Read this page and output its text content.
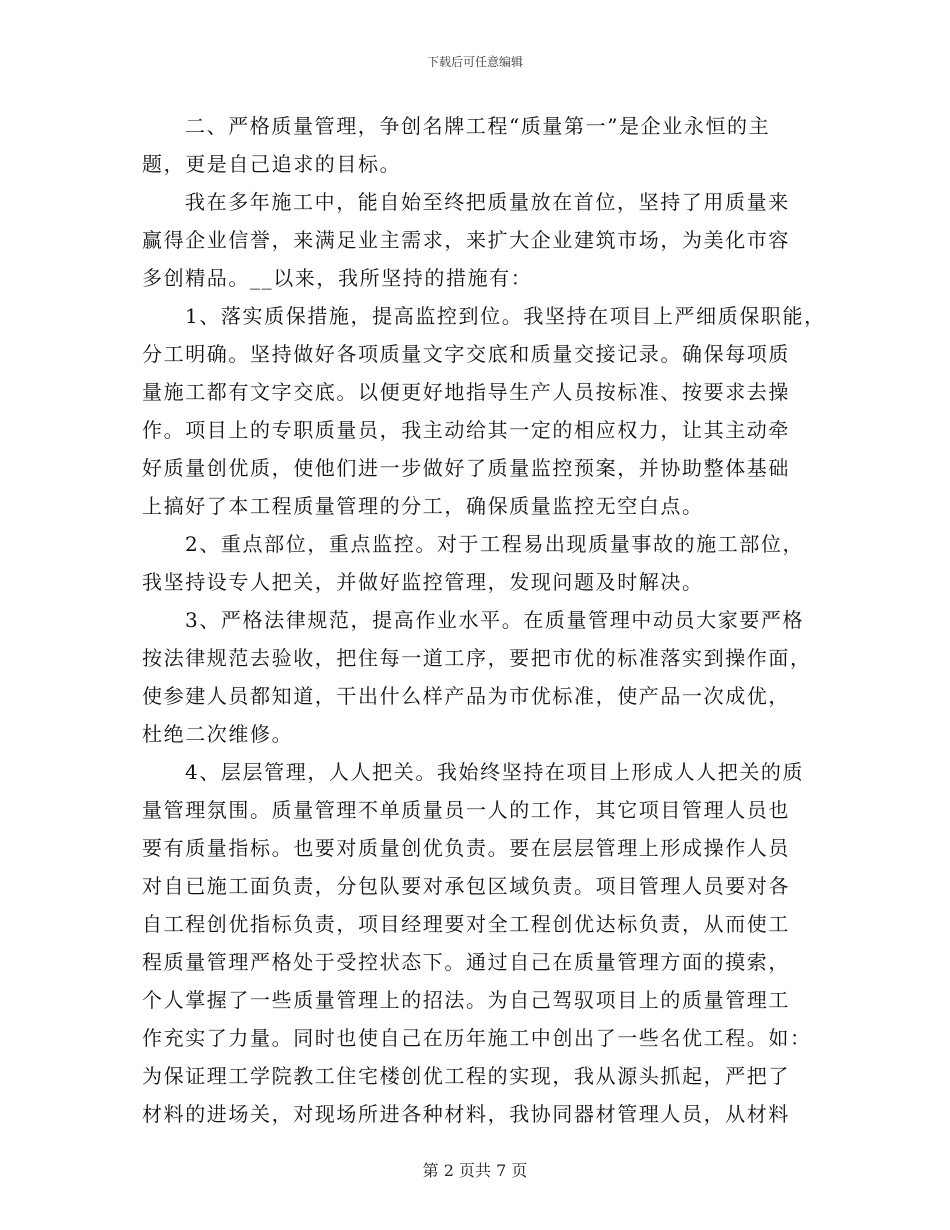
下载后可任意编辑
二、严格质量管理，争创名牌工程“质量第一”是企业永恒的主
题，更是自己追求的目标。
我在多年施工中，能自始至终把质量放在首位，坚持了用质量来
赢得企业信誉，来满足业主需求，来扩大企业建筑市场，为美化市容
多创精品。__以来，我所坚持的措施有：
1、落实质保措施，提高监控到位。我坚持在项目上严细质保职能，
分工明确。坚持做好各项质量文字交底和质量交接记录。确保每项质
量施工都有文字交底。以便更好地指导生产人员按标准、按要求去操
作。项目上的专职质量员，我主动给其一定的相应权力，让其主动牵
好质量创优质，使他们进一步做好了质量监控预案，并协助整体基础
上搞好了本工程质量管理的分工，确保质量监控无空白点。
2、重点部位，重点监控。对于工程易出现质量事故的施工部位，
我坚持设专人把关，并做好监控管理，发现问题及时解决。
3、严格法律规范，提高作业水平。在质量管理中动员大家要严格
按法律规范去验收，把住每一道工序，要把市优的标准落实到操作面，
使参建人员都知道，干出什么样产品为市优标准，使产品一次成优，
杜绝二次维修。
4、层层管理，人人把关。我始终坚持在项目上形成人人把关的质
量管理氛围。质量管理不单质量员一人的工作，其它项目管理人员也
要有质量指标。也要对质量创优负责。要在层层管理上形成操作人员
对自已施工面负责，分包队要对承包区域负责。项目管理人员要对各
自工程创优指标负责，项目经理要对全工程创优达标负责，从而使工
程质量管理严格处于受控状态下。通过自己在质量管理方面的摸索，
个人掌握了一些质量管理上的招法。为自己驾驭项目上的质量管理工
作充实了力量。同时也使自己在历年施工中创出了一些名优工程。如：
为保证理工学院教工住宅楼创优工程的实现，我从源头抓起，严把了
材料的进场关，对现场所进各种材料，我协同器材管理人员，从材料
第 2 页共 7 页
